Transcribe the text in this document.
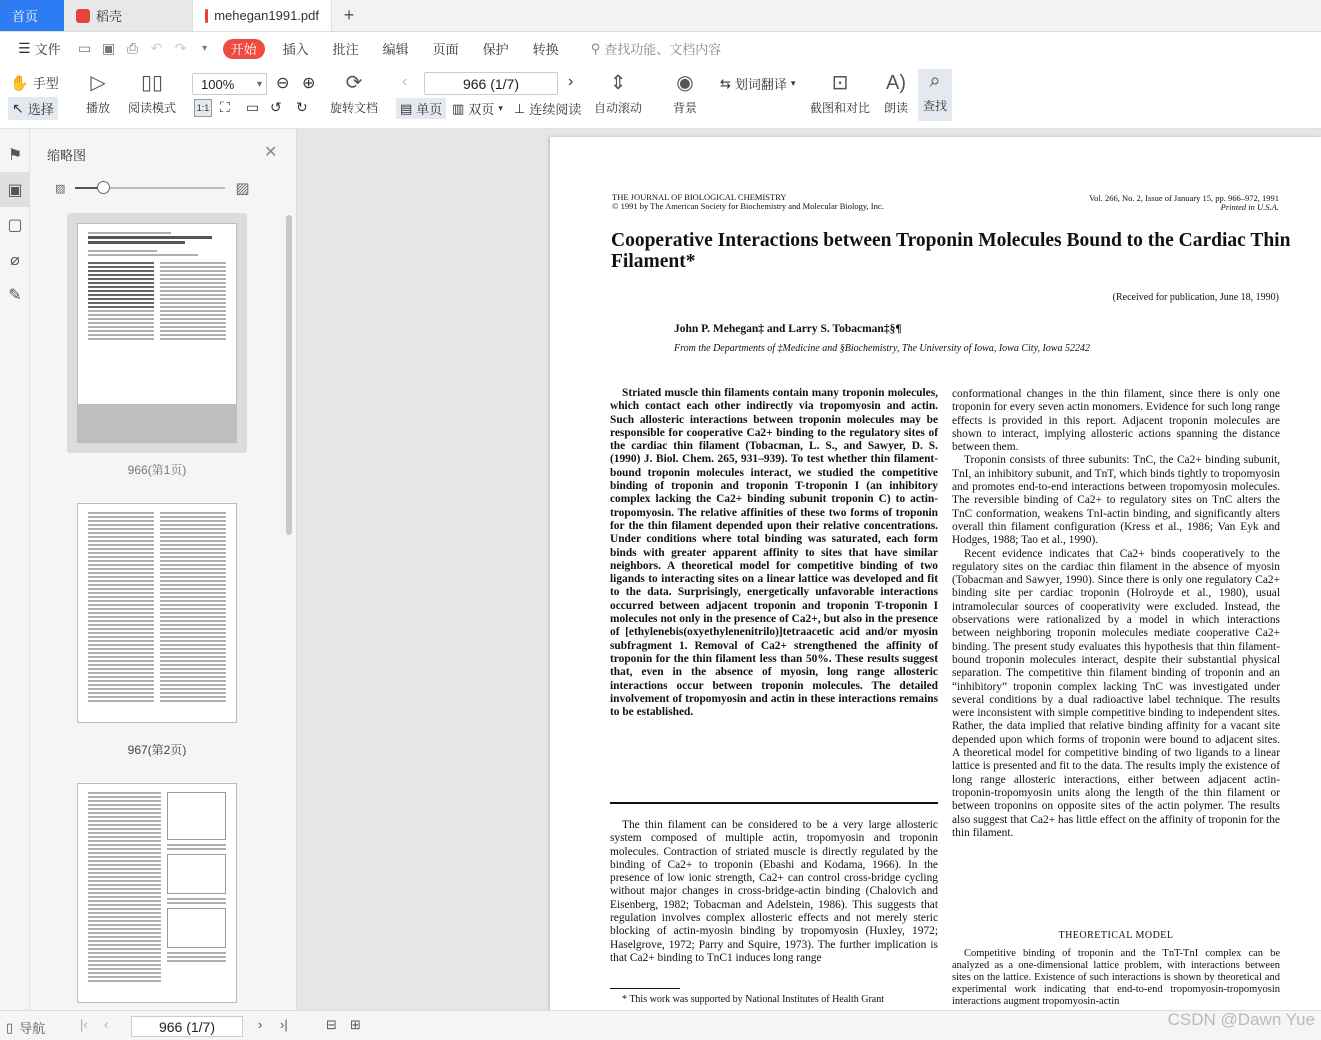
首页	稻壳	mehegan1991.pdf	+
☰ 文件	▭ ▣ ⎙ ↶ ↷	▾	开始	插入	批注	编辑	页面	保护	转换	⚲ 查找功能、文档内容
✋ 手型
↖ 选择
▷
播放
▯▯
阅读模式
100% ▾ ⊖ ⊕
1:1 ⛶ ▭ ↺ ↻
⟳
旋转文档
‹	966 (1/7)	›
▤ 单页 ▥ 双页 ▾ ⊥ 连续阅读
⇕
自动滚动
◉
背景
⇆ 划词翻译 ▾ ⊡
截图和对比
A)
朗读
⌕
查找
⚑
▣
▢
⌀
✎
缩略图	✕
▨	▨
966(第1页)
967(第2页)
THE JOURNAL OF BIOLOGICAL CHEMISTRY
© 1991 by The American Society for Biochemistry and Molecular Biology, Inc.
Vol. 266, No. 2, Issue of January 15, pp. 966–972, 1991
Printed in U.S.A.
Cooperative Interactions between Troponin Molecules Bound to the Cardiac Thin Filament*
(Received for publication, June 18, 1990)
John P. Mehegan‡ and Larry S. Tobacman‡§¶
From the Departments of ‡Medicine and §Biochemistry, The University of Iowa, Iowa City, Iowa 52242
Striated muscle thin filaments contain many troponin molecules, which contact each other indirectly via tropomyosin and actin. Such allosteric interactions between troponin molecules may be responsible for cooperative Ca2+ binding to the regulatory sites of the cardiac thin filament (Tobacman, L. S., and Sawyer, D. S. (1990) J. Biol. Chem. 265, 931–939). To test whether thin filament-bound troponin molecules interact, we studied the competitive binding of troponin and troponin T-troponin I (an inhibitory complex lacking the Ca2+ binding subunit troponin C) to actin-tropomyosin. The relative affinities of these two forms of troponin for the thin filament depended upon their relative concentrations. Under conditions where total binding was saturated, each form binds with greater apparent affinity to sites that have similar neighbors. A theoretical model for competitive binding of two ligands to interacting sites on a linear lattice was developed and fit to the data. Surprisingly, energetically unfavorable interactions occurred between adjacent troponin and troponin T-troponin I molecules not only in the presence of Ca2+, but also in the presence of [ethylenebis(oxyethylenenitrilo)]tetraacetic acid and/or myosin subfragment 1. Removal of Ca2+ strengthened the affinity of troponin for the thin filament less than 50%. These results suggest that, even in the absence of myosin, long range allosteric interactions occur between troponin molecules. The detailed involvement of tropomyosin and actin in these interactions remains to be established.
The thin filament can be considered to be a very large allosteric system composed of multiple actin, tropomyosin and troponin molecules. Contraction of striated muscle is directly regulated by the binding of Ca2+ to troponin (Ebashi and Kodama, 1966). In the presence of low ionic strength, Ca2+ can control cross-bridge cycling without major changes in cross-bridge-actin binding (Chalovich and Eisenberg, 1982; Tobacman and Adelstein, 1986). This suggests that regulation involves complex allosteric effects and not merely steric blocking of actin-myosin binding by tropomyosin (Huxley, 1972; Haselgrove, 1972; Parry and Squire, 1973). The further implication is that Ca2+ binding to TnC1 induces long range
* This work was supported by National Institutes of Health Grant

conformational changes in the thin filament, since there is only one troponin for every seven actin monomers. Evidence for such long range effects is provided in this report. Adjacent troponin molecules are shown to interact, implying allosteric actions spanning the distance between them.

Troponin consists of three subunits: TnC, the Ca2+ binding subunit, TnI, an inhibitory subunit, and TnT, which binds tightly to tropomyosin and promotes end-to-end interactions between tropomyosin molecules. The reversible binding of Ca2+ to regulatory sites on TnC alters the TnC conformation, weakens TnI-actin binding, and significantly alters overall thin filament configuration (Kress et al., 1986; Van Eyk and Hodges, 1988; Tao et al., 1990).

Recent evidence indicates that Ca2+ binds cooperatively to the regulatory sites on the cardiac thin filament in the absence of myosin (Tobacman and Sawyer, 1990). Since there is only one regulatory Ca2+ binding site per cardiac troponin (Holroyde et al., 1980), usual intramolecular sources of cooperativity were excluded. Instead, the observations were rationalized by a model in which interactions between neighboring troponin molecules mediate cooperative Ca2+ binding. The present study evaluates this hypothesis that thin filament-bound troponin molecules interact, despite their substantial physical separation. The competitive thin filament binding of troponin and an “inhibitory” troponin complex lacking TnC was investigated under several conditions by a dual radioactive label technique. The results were inconsistent with simple competitive binding to independent sites. Rather, the data implied that relative binding affinity for a vacant site depended upon which forms of troponin were bound to adjacent sites. A theoretical model for competitive binding of two ligands to a linear lattice is presented and fit to the data. The results imply the existence of long range allosteric interactions, either between adjacent actin-troponin-tropomyosin units along the length of the thin filament or between troponins on opposite sites of the actin polymer. The results also suggest that Ca2+ has little effect on the affinity of troponin for the thin filament.

THEORETICAL MODEL
Competitive binding of troponin and the TnT-TnI complex can be analyzed as a one-dimensional lattice problem, with interactions between sites on the lattice. Existence of such interactions is shown by theoretical and experimental work indicating that end-to-end tropomyosin-tropomyosin interactions augment tropomyosin-actin
▯ 导航	|‹ ‹	966 (1/7)	› ›|	⊟ ⊞	CSDN @Dawn Yue
